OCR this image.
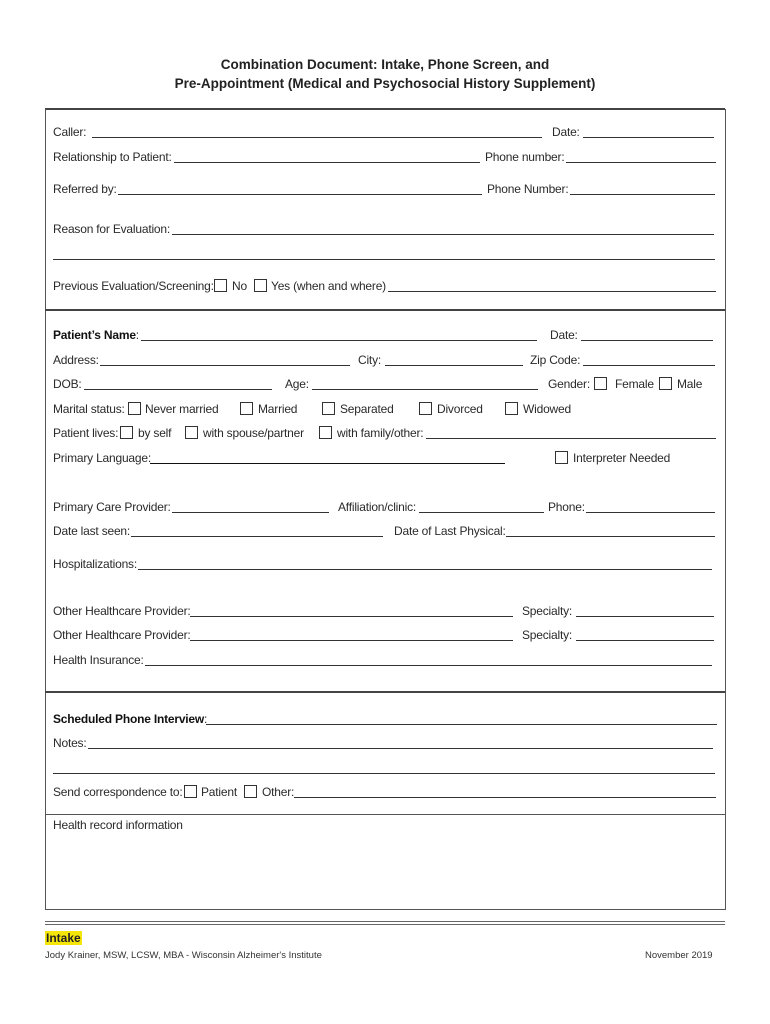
Combination Document: Intake, Phone Screen, and
Pre-Appointment (Medical and Psychosocial History Supplement)
Caller:	Date:
Relationship to Patient:	Phone number:
Referred by:	Phone Number:
Reason for Evaluation:
Previous Evaluation/Screening: No Yes (when and where)
Patient’s Name:	Date:
Address:	City:	Zip Code:
DOB:	Age:	Gender: Female Male
Marital status: Never married	Married	Separated	Divorced	Widowed
Patient lives: by self	with spouse/partner	with family/other:
Primary Language:	Interpreter Needed
Primary Care Provider:	Affiliation/clinic:	Phone:
Date last seen:	Date of Last Physical:
Hospitalizations:
Other Healthcare Provider:	Specialty:
Other Healthcare Provider:	Specialty:
Health Insurance:
Scheduled Phone Interview:
Notes:
Send correspondence to: Patient Other:
Health record information
Intake
Jody Krainer, MSW, LCSW, MBA - Wisconsin Alzheimer's Institute	November 2019
